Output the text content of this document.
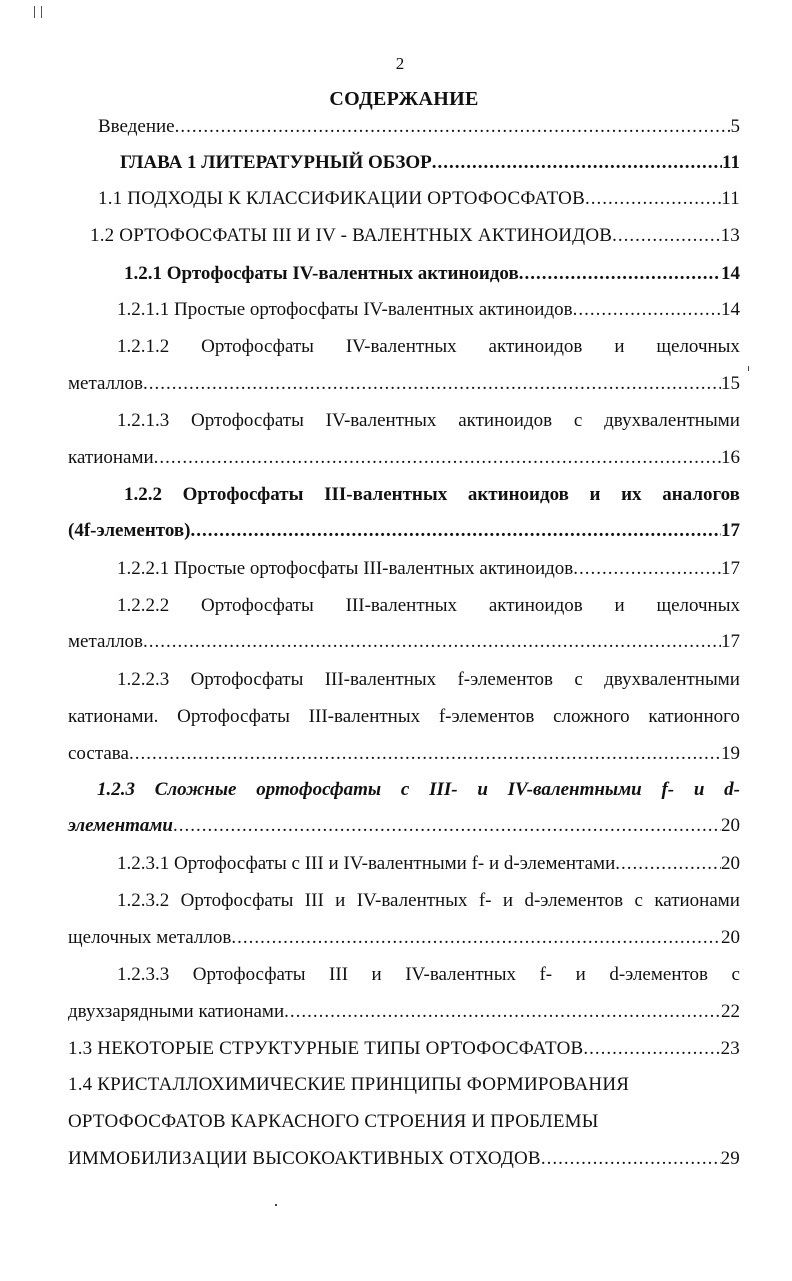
2
СОДЕРЖАНИЕ
Введение .....	5
ГЛАВА 1 ЛИТЕРАТУРНЫЙ ОБЗОР .....	11
1.1 ПОДХОДЫ К КЛАССИФИКАЦИИ ОРТОФОСФАТОВ .....	11
1.2 ОРТОФОСФАТЫ III И IV - ВАЛЕНТНЫХ АКТИНОИДОВ .....	13
1.2.1 Ортофосфаты IV-валентных актиноидов .....	14
1.2.1.1 Простые ортофосфаты IV-валентных актиноидов .....	14
1.2.1.2 Ортофосфаты IV-валентных актиноидов и щелочных
металлов .....	15
1.2.1.3 Ортофосфаты IV-валентных актиноидов с двухвалентными
катионами .....	16
1.2.2 Ортофосфаты III-валентных актиноидов и их аналогов
(4f-элементов) .....	17
1.2.2.1 Простые ортофосфаты III-валентных актиноидов .....	17
1.2.2.2 Ортофосфаты III-валентных актиноидов и щелочных
металлов .....	17
1.2.2.3 Ортофосфаты III-валентных f-элементов с двухвалентными
катионами. Ортофосфаты III-валентных f-элементов сложного катионного
состава .....	19
1.2.3 Сложные ортофосфаты с III- и IV-валентными f- и d-
элементами .....	20
1.2.3.1 Ортофосфаты с III и IV-валентными f- и d-элементами .....	20
1.2.3.2 Ортофосфаты III и IV-валентных f- и d-элементов с катионами
щелочных металлов .....	20
1.2.3.3 Ортофосфаты III и IV-валентных f- и d-элементов с
двухзарядными катионами .....	22
1.3 НЕКОТОРЫЕ СТРУКТУРНЫЕ ТИПЫ ОРТОФОСФАТОВ .....	23
1.4 КРИСТАЛЛОХИМИЧЕСКИЕ ПРИНЦИПЫ ФОРМИРОВАНИЯ
ОРТОФОСФАТОВ КАРКАСНОГО СТРОЕНИЯ И ПРОБЛЕМЫ
ИММОБИЛИЗАЦИИ ВЫСОКОАКТИВНЫХ ОТХОДОВ .....	29
